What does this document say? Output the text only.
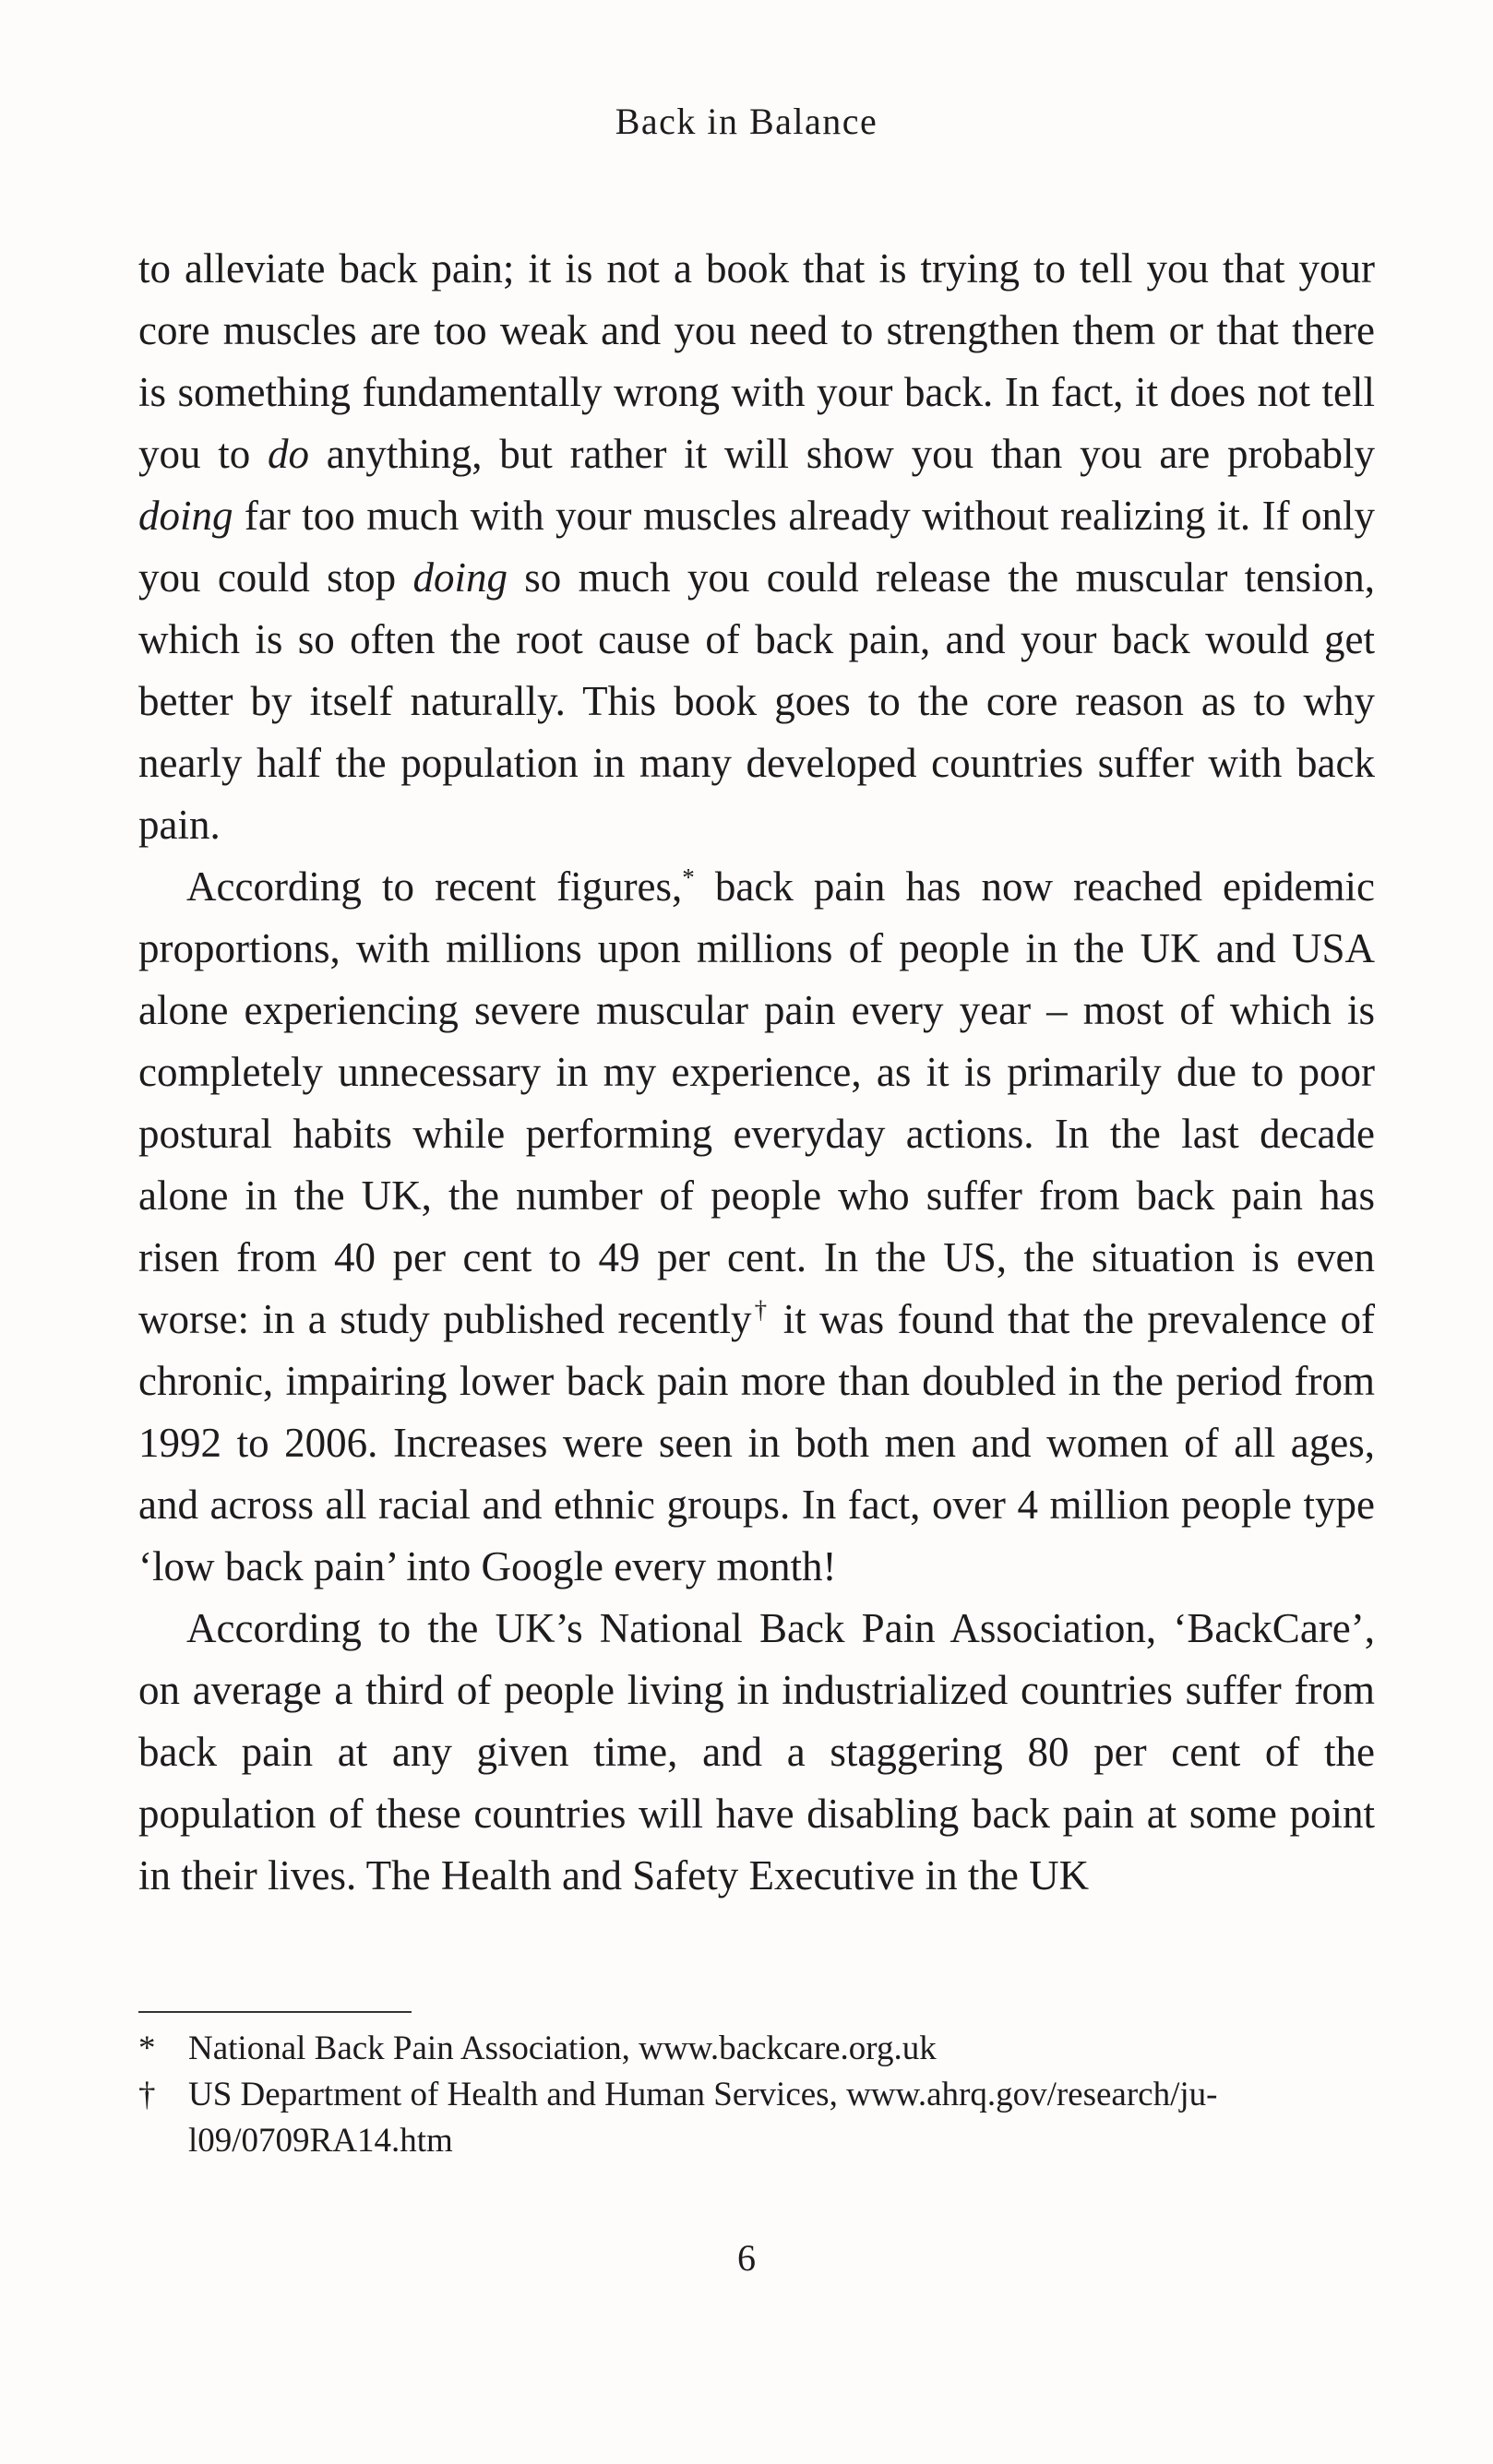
Back in Balance

to alleviate back pain; it is not a book that is trying to tell you that your core muscles are too weak and you need to strengthen them or that there is something fundamentally wrong with your back. In fact, it does not tell you to do anything, but rather it will show you than you are probably doing far too much with your muscles already without realizing it. If only you could stop doing so much you could release the muscular tension, which is so often the root cause of back pain, and your back would get better by itself naturally. This book goes to the core reason as to why nearly half the population in many developed countries suffer with back pain.

According to recent figures,* back pain has now reached epidemic proportions, with millions upon millions of people in the UK and USA alone experiencing severe muscular pain every year – most of which is completely unnecessary in my experience, as it is primarily due to poor postural habits while performing everyday actions. In the last decade alone in the UK, the number of people who suffer from back pain has risen from 40 per cent to 49 per cent. In the US, the situation is even worse: in a study published recently† it was found that the prevalence of chronic, impairing lower back pain more than doubled in the period from 1992 to 2006. Increases were seen in both men and women of all ages, and across all racial and ethnic groups. In fact, over 4 million people type ‘low back pain’ into Google every month!

According to the UK’s National Back Pain Association, ‘BackCare’, on average a third of people living in industrialized countries suffer from back pain at any given time, and a staggering 80 per cent of the population of these countries will have disabling back pain at some point in their lives. The Health and Safety Executive in the UK

* National Back Pain Association, www.backcare.org.uk
† US Department of Health and Human Services, www.ahrq.gov/research/ju-l09/0709RA14.htm
6
